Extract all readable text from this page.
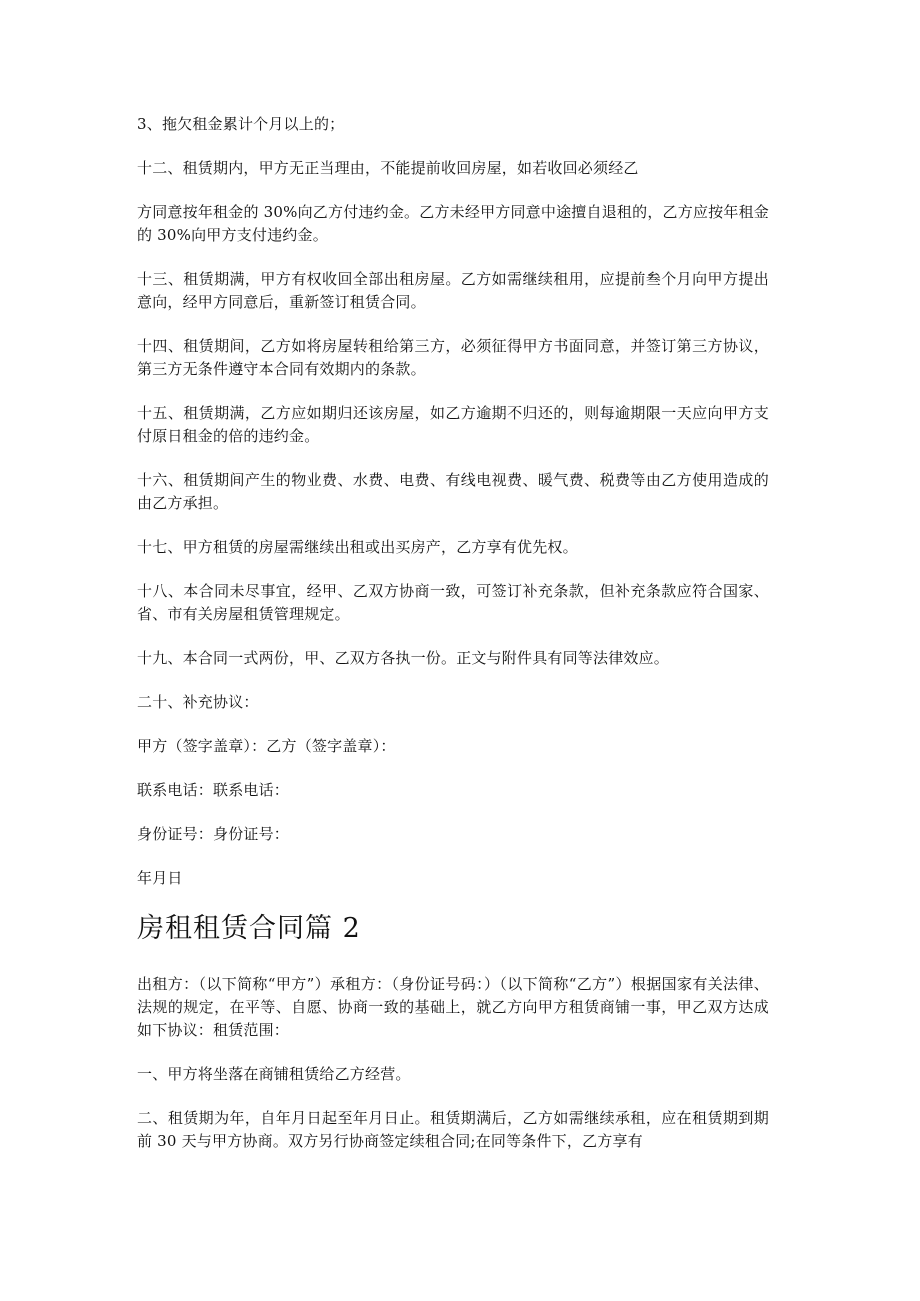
3、拖欠租金累计个月以上的；

十二、租赁期内，甲方无正当理由，不能提前收回房屋，如若收回必须经乙

方同意按年租金的 30%向乙方付违约金。乙方未经甲方同意中途擅自退租的，乙方应按年租金的 30%向甲方支付违约金。

十三、租赁期满，甲方有权收回全部出租房屋。乙方如需继续租用，应提前叁个月向甲方提出意向，经甲方同意后，重新签订租赁合同。

十四、租赁期间，乙方如将房屋转租给第三方，必须征得甲方书面同意，并签订第三方协议，第三方无条件遵守本合同有效期内的条款。

十五、租赁期满，乙方应如期归还该房屋，如乙方逾期不归还的，则每逾期限一天应向甲方支付原日租金的倍的违约金。

十六、租赁期间产生的物业费、水费、电费、有线电视费、暖气费、税费等由乙方使用造成的由乙方承担。

十七、甲方租赁的房屋需继续出租或出买房产，乙方享有优先权。

十八、本合同未尽事宜，经甲、乙双方协商一致，可签订补充条款，但补充条款应符合国家、省、市有关房屋租赁管理规定。

十九、本合同一式两份，甲、乙双方各执一份。正文与附件具有同等法律效应。

二十、补充协议：

甲方（签字盖章）：乙方（签字盖章）：

联系电话：联系电话：

身份证号：身份证号：

年月日

房租租赁合同篇 2

出租方：（以下简称“甲方”）承租方：（身份证号码：）（以下简称“乙方”）根据国家有关法律、法规的规定，在平等、自愿、协商一致的基础上，就乙方向甲方租赁商铺一事，甲乙双方达成如下协议：租赁范围：

一、甲方将坐落在商铺租赁给乙方经营。

二、租赁期为年，自年月日起至年月日止。租赁期满后，乙方如需继续承租，应在租赁期到期前 30 天与甲方协商。双方另行协商签定续租合同;在同等条件下，乙方享有
